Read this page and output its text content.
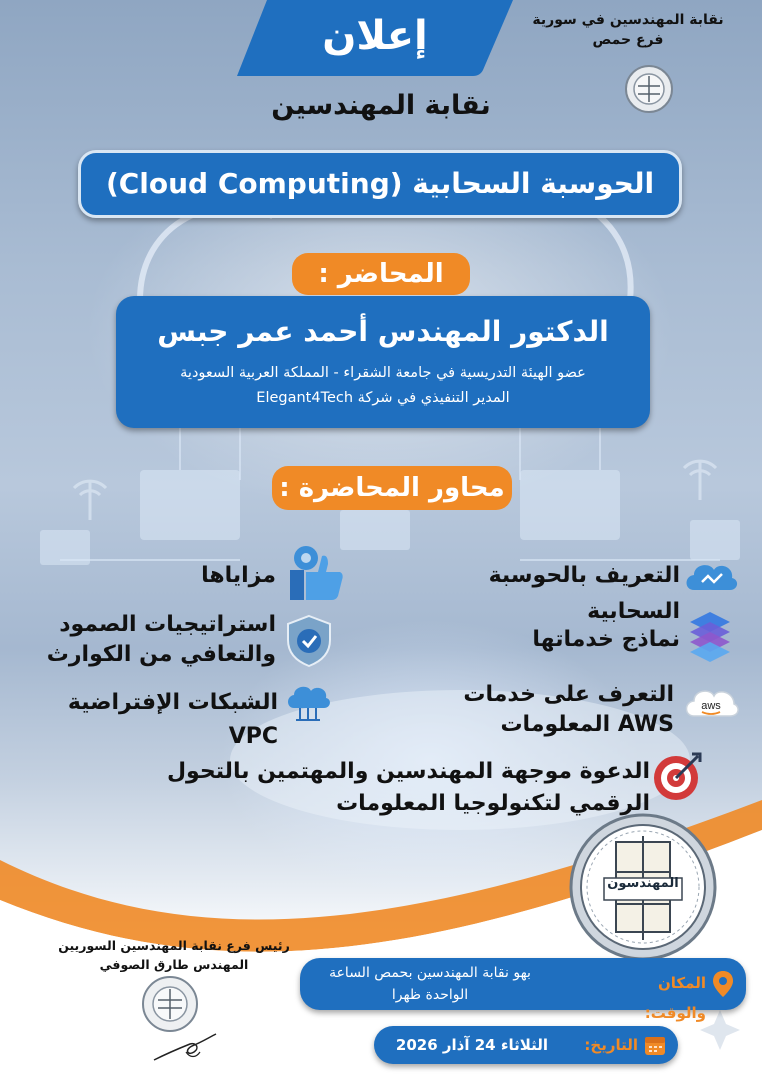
نقابة المهندسين في سورية
فرع حمص
إعلان
نقابة المهندسين
الحوسبة السحابية (Cloud Computing)
المحاضر :
الدكتور المهندس أحمد عمر جبس
عضو الهيئة التدريسية في جامعة الشقراء - المملكة العربية السعودية
المدير التنفيذي في شركة Elegant4Tech
محاور المحاضرة :
التعريف بالحوسبة السحابية
مزاياها
نماذج خدماتها
استراتيجيات الصمود والتعافي من الكوارث
aws
التعرف على خدمات AWS المعلومات
الشبكات الإفتراضية VPC
الدعوة موجهة المهندسين والمهتمين بالتحول الرقمي لتكنولوجيا المعلومات
المهندسون
رئيس فرع نقابة المهندسين السوريين
المهندس طارق الصوفي
المكان والوقت:
بهو نقابة المهندسين بحمص الساعة الواحدة ظهرا
التاريخ:
الثلاثاء 24 آذار 2026
